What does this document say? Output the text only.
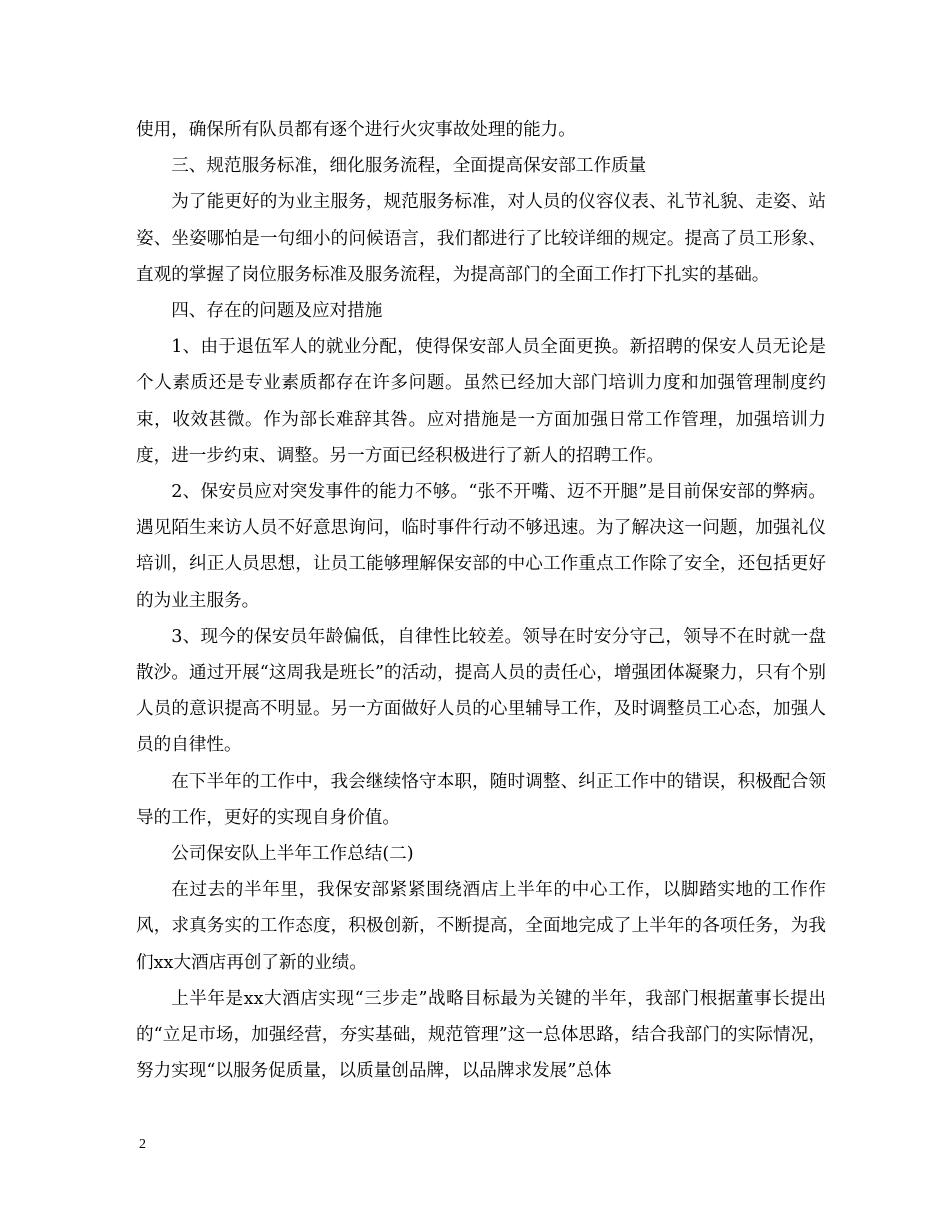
使用，确保所有队员都有逐个进行火灾事故处理的能力。

三、规范服务标准，细化服务流程，全面提高保安部工作质量

为了能更好的为业主服务，规范服务标准，对人员的仪容仪表、礼节礼貌、走姿、站姿、坐姿哪怕是一句细小的问候语言，我们都进行了比较详细的规定。提高了员工形象、直观的掌握了岗位服务标准及服务流程，为提高部门的全面工作打下扎实的基础。

四、存在的问题及应对措施

1、由于退伍军人的就业分配，使得保安部人员全面更换。新招聘的保安人员无论是个人素质还是专业素质都存在许多问题。虽然已经加大部门培训力度和加强管理制度约束，收效甚微。作为部长难辞其咎。应对措施是一方面加强日常工作管理，加强培训力度，进一步约束、调整。另一方面已经积极进行了新人的招聘工作。

2、保安员应对突发事件的能力不够。“张不开嘴、迈不开腿”是目前保安部的弊病。遇见陌生来访人员不好意思询问，临时事件行动不够迅速。为了解决这一问题，加强礼仪培训，纠正人员思想，让员工能够理解保安部的中心工作重点工作除了安全，还包括更好的为业主服务。

3、现今的保安员年龄偏低，自律性比较差。领导在时安分守己，领导不在时就一盘散沙。通过开展“这周我是班长”的活动，提高人员的责任心，增强团体凝聚力，只有个别人员的意识提高不明显。另一方面做好人员的心里辅导工作，及时调整员工心态，加强人员的自律性。

在下半年的工作中，我会继续恪守本职，随时调整、纠正工作中的错误，积极配合领导的工作，更好的实现自身价值。

公司保安队上半年工作总结(二)

在过去的半年里，我保安部紧紧围绕酒店上半年的中心工作，以脚踏实地的工作作风，求真务实的工作态度，积极创新，不断提高，全面地完成了上半年的各项任务，为我们xx大酒店再创了新的业绩。

上半年是xx大酒店实现“三步走”战略目标最为关键的半年，我部门根据董事长提出的“立足市场，加强经营，夯实基础，规范管理”这一总体思路，结合我部门的实际情况，努力实现“以服务促质量，以质量创品牌，以品牌求发展”总体

2
